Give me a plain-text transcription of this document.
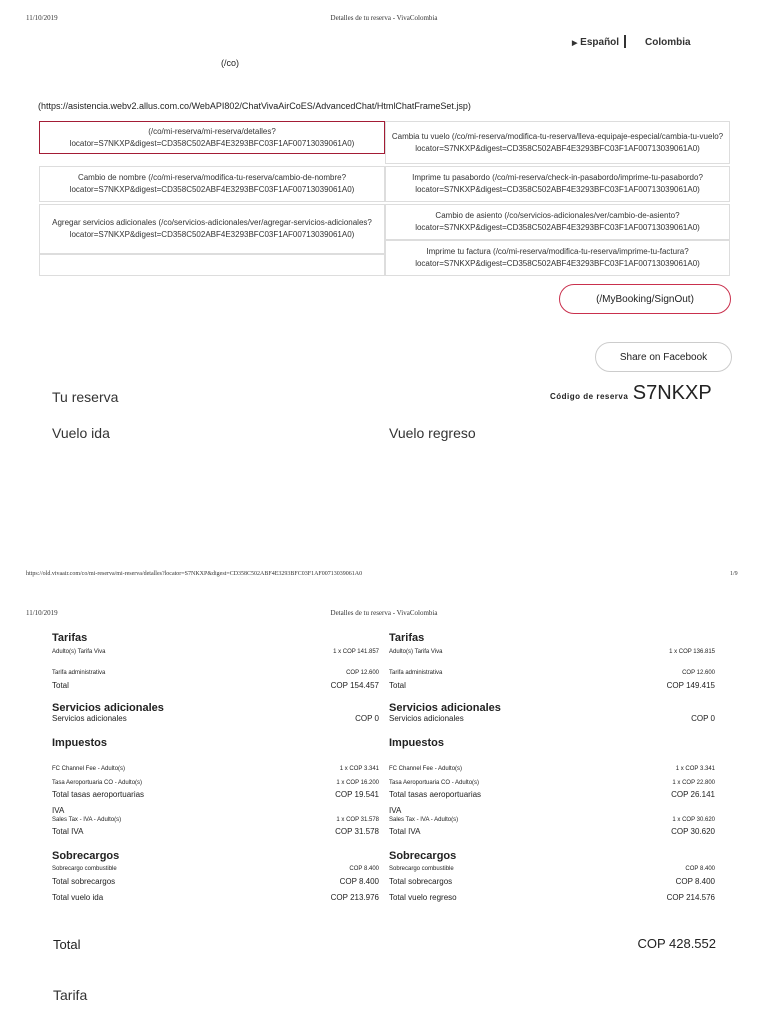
11/10/2019	Detalles de tu reserva - VivaColombia
▶ Español	Colombia
(/co)
(https://asistencia.webv2.allus.com.co/WebAPI802/ChatVivaAirCoES/AdvancedChat/HtmlChatFrameSet.jsp)
(/co/mi-reserva/mi-reserva/detalles?locator=S7NKXP&digest=CD358C502ABF4E3293BFC03F1AF00713039061A0)
Cambia tu vuelo (/co/mi-reserva/modifica-tu-reserva/lleva-equipaje-especial/cambia-tu-vuelo?locator=S7NKXP&digest=CD358C502ABF4E3293BFC03F1AF00713039061A0)
Cambio de nombre (/co/mi-reserva/modifica-tu-reserva/cambio-de-nombre?locator=S7NKXP&digest=CD358C502ABF4E3293BFC03F1AF00713039061A0)
Imprime tu pasabordo (/co/mi-reserva/check-in-pasabordo/imprime-tu-pasabordo?locator=S7NKXP&digest=CD358C502ABF4E3293BFC03F1AF00713039061A0)
Agregar servicios adicionales (/co/servicios-adicionales/ver/agregar-servicios-adicionales?locator=S7NKXP&digest=CD358C502ABF4E3293BFC03F1AF00713039061A0)
Cambio de asiento (/co/servicios-adicionales/ver/cambio-de-asiento?locator=S7NKXP&digest=CD358C502ABF4E3293BFC03F1AF00713039061A0)
Imprime tu factura (/co/mi-reserva/modifica-tu-reserva/imprime-tu-factura?locator=S7NKXP&digest=CD358C502ABF4E3293BFC03F1AF00713039061A0)
(/MyBooking/SignOut)
Share on Facebook
Tu reserva	Código de reserva S7NKXP
Vuelo ida	Vuelo regreso
https://old.vivaair.com/co/mi-reserva/mi-reserva/detalles?locator=S7NKXP&digest=CD358C502ABF4E3293BFC03F1AF00713039061A0	1/9
11/10/2019	Detalles de tu reserva - VivaColombia
Tarifas
Adulto(s) Tarifa Viva	1 x COP 141.857
Tarifa administrativa	COP 12.600
Total	COP 154.457
Servicios adicionales
Servicios adicionales	COP 0
Impuestos
FC Channel Fee - Adulto(s)	1 x COP 3.341
Tasa Aeroportuaria CO - Adulto(s)	1 x COP 16.200
Total tasas aeroportuarias	COP 19.541
IVA
Sales Tax - IVA - Adulto(s)	1 x COP 31.578
Total IVA	COP 31.578
Sobrecargos
Sobrecargo combustible	COP 8.400
Total sobrecargos	COP 8.400
Total vuelo ida	COP 213.976
Tarifas
Adulto(s) Tarifa Viva	1 x COP 136.815
Tarifa administrativa	COP 12.600
Total	COP 149.415
Servicios adicionales
Servicios adicionales	COP 0
Impuestos
FC Channel Fee - Adulto(s)	1 x COP 3.341
Tasa Aeroportuaria CO - Adulto(s)	1 x COP 22.800
Total tasas aeroportuarias	COP 26.141
IVA
Sales Tax - IVA - Adulto(s)	1 x COP 30.620
Total IVA	COP 30.620
Sobrecargos
Sobrecargo combustible	COP 8.400
Total sobrecargos	COP 8.400
Total vuelo regreso	COP 214.576
Total	COP 428.552
Tarifa
